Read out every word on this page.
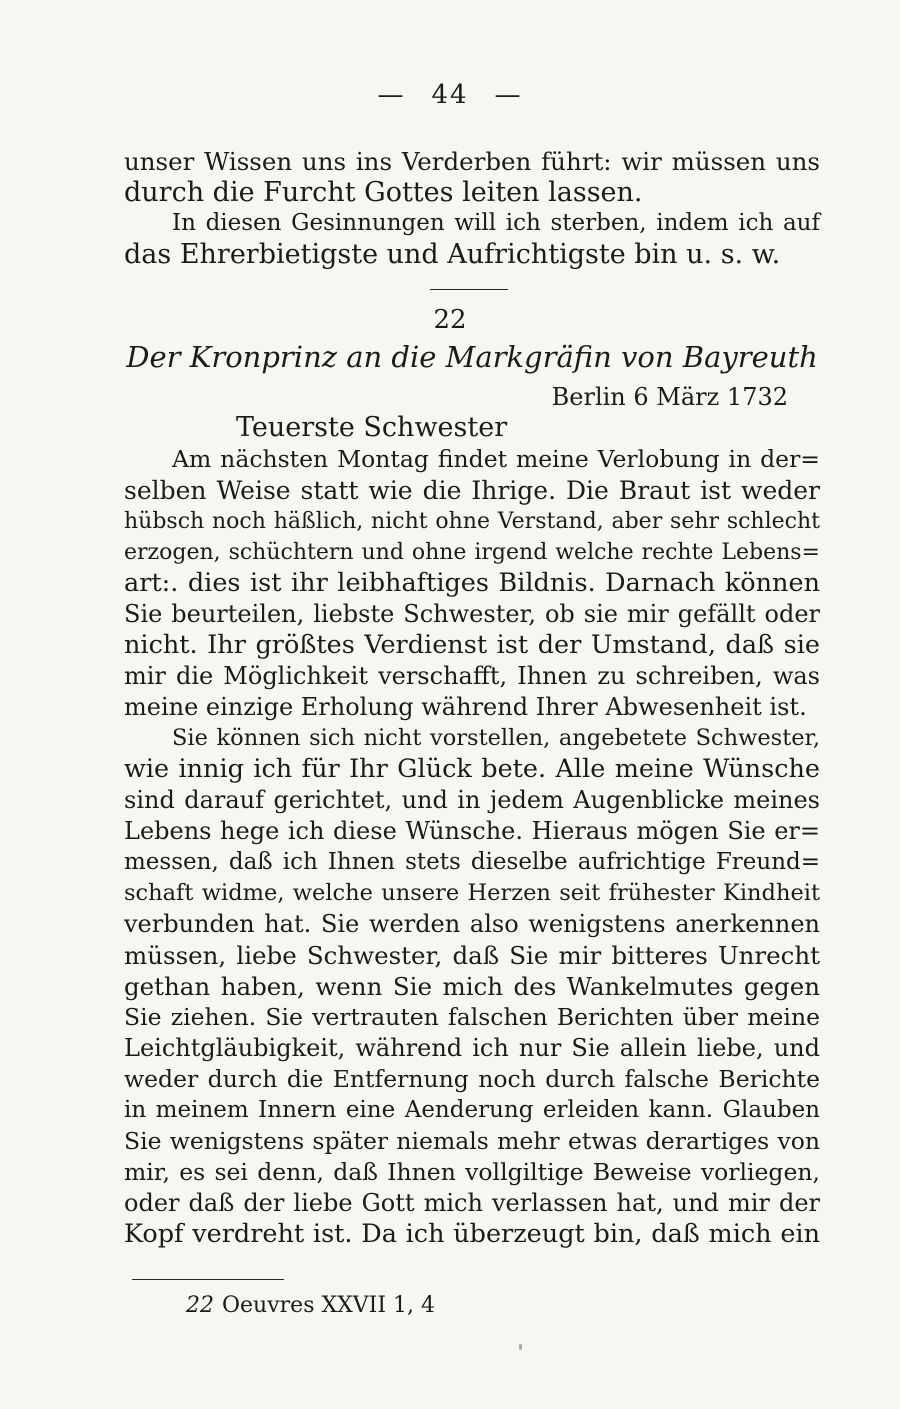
— 44 —
unser Wissen uns ins Verderben führt: wir müssen uns
durch die Furcht Gottes leiten lassen.
In diesen Gesinnungen will ich sterben, indem ich auf
das Ehrerbietigste und Aufrichtigste bin u. s. w.
22
Der Kronprinz an die Markgräfin von Bayreuth
Berlin 6 März 1732
Teuerste Schwester
Am nächsten Montag findet meine Verlobung in der=
selben Weise statt wie die Ihrige. Die Braut ist weder
hübsch noch häßlich, nicht ohne Verstand, aber sehr schlecht
erzogen, schüchtern und ohne irgend welche rechte Lebens=
art:. dies ist ihr leibhaftiges Bildnis. Darnach können
Sie beurteilen, liebste Schwester, ob sie mir gefällt oder
nicht. Ihr größtes Verdienst ist der Umstand, daß sie
mir die Möglichkeit verschafft, Ihnen zu schreiben, was
meine einzige Erholung während Ihrer Abwesenheit ist.
Sie können sich nicht vorstellen, angebetete Schwester,
wie innig ich für Ihr Glück bete. Alle meine Wünsche
sind darauf gerichtet, und in jedem Augenblicke meines
Lebens hege ich diese Wünsche. Hieraus mögen Sie er=
messen, daß ich Ihnen stets dieselbe aufrichtige Freund=
schaft widme, welche unsere Herzen seit frühester Kindheit
verbunden hat. Sie werden also wenigstens anerkennen
müssen, liebe Schwester, daß Sie mir bitteres Unrecht
gethan haben, wenn Sie mich des Wankelmutes gegen
Sie ziehen. Sie vertrauten falschen Berichten über meine
Leichtgläubigkeit, während ich nur Sie allein liebe, und
weder durch die Entfernung noch durch falsche Berichte
in meinem Innern eine Aenderung erleiden kann. Glauben
Sie wenigstens später niemals mehr etwas derartiges von
mir, es sei denn, daß Ihnen vollgiltige Beweise vorliegen,
oder daß der liebe Gott mich verlassen hat, und mir der
Kopf verdreht ist. Da ich überzeugt bin, daß mich ein
22 Oeuvres XXVII 1, 4
